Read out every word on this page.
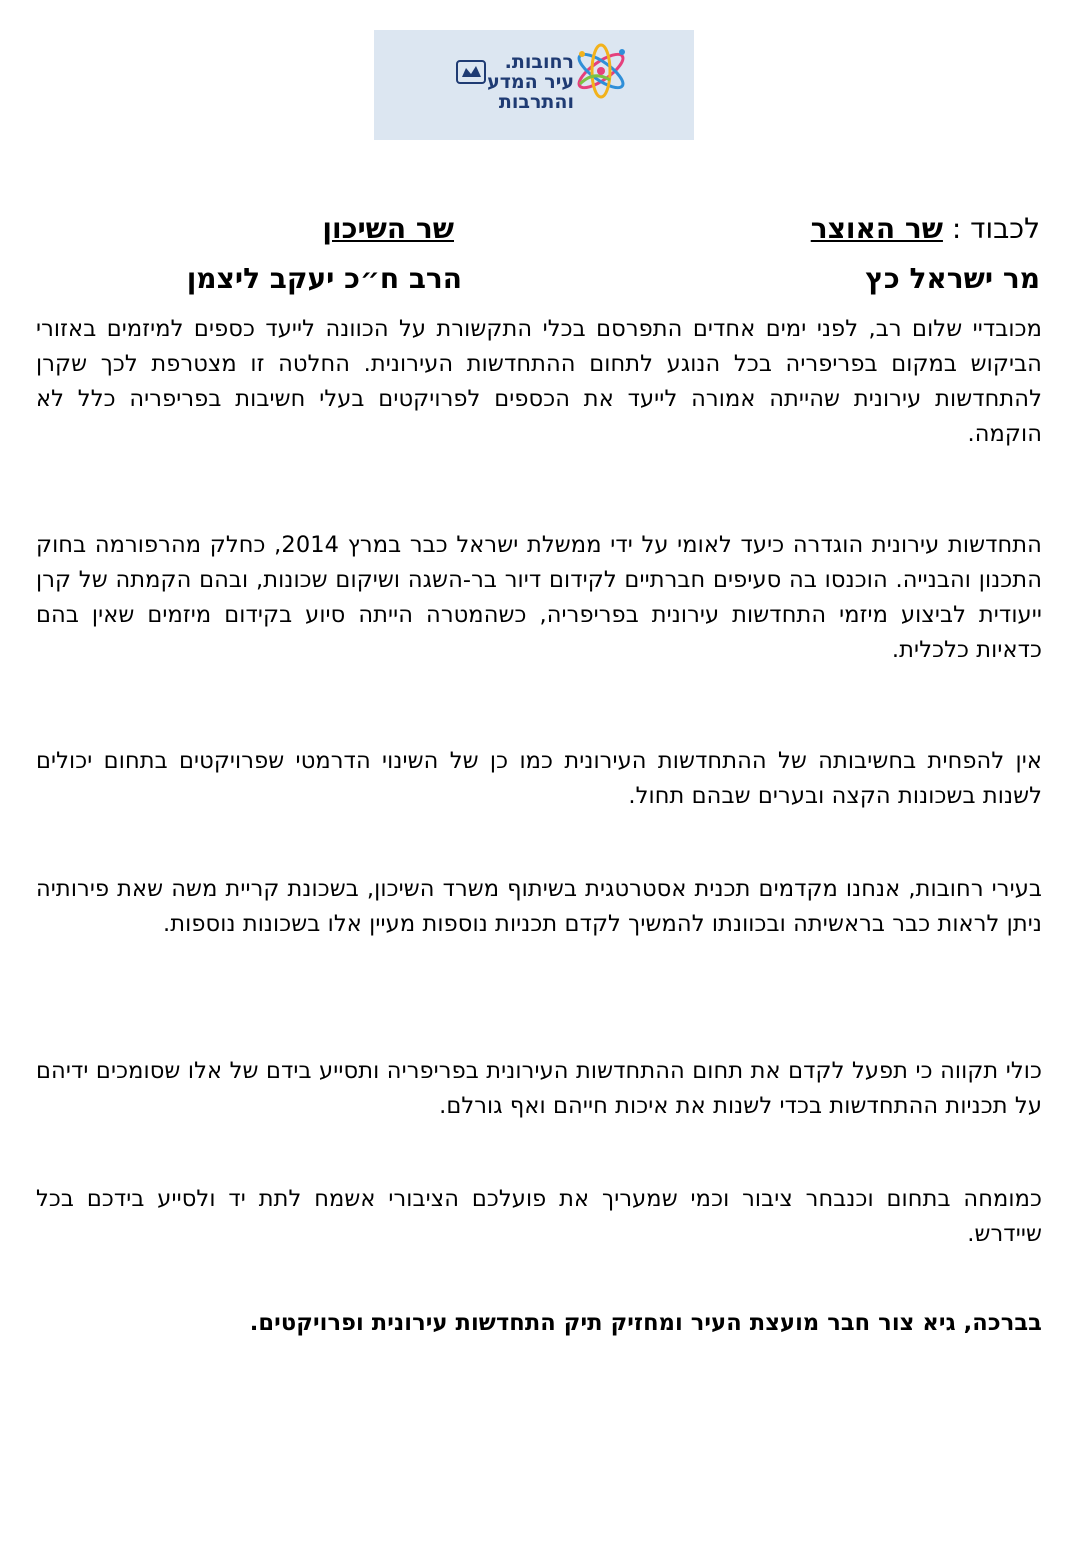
רחובות.
עיר המדע
והתרבות
לכבוד : שר האוצר
שר השיכון
מר ישראל כץ
הרב ח״כ יעקב ליצמן

מכובדיי שלום רב, לפני ימים אחדים התפרסם בכלי התקשורת על הכוונה לייעד כספים למיזמים באזורי הביקוש במקום בפריפריה בכל הנוגע לתחום ההתחדשות העירונית. החלטה זו מצטרפת לכך שקרן להתחדשות עירונית שהייתה אמורה לייעד את הכספים לפרויקטים בעלי חשיבות בפריפריה כלל לא הוקמה.

התחדשות עירונית הוגדרה כיעד לאומי על ידי ממשלת ישראל כבר במרץ 2014, כחלק מהרפורמה בחוק התכנון והבנייה. הוכנסו בה סעיפים חברתיים לקידום דיור בר-השגה ושיקום שכונות, ובהם הקמתה של קרן ייעודית לביצוע מיזמי התחדשות עירונית בפריפריה, כשהמטרה הייתה סיוע בקידום מיזמים שאין בהם כדאיות כלכלית.

אין להפחית בחשיבותה של ההתחדשות העירונית כמו כן של השינוי הדרמטי שפרויקטים בתחום יכולים לשנות בשכונות הקצה ובערים שבהם תחול.

בעירי רחובות, אנחנו מקדמים תכנית אסטרטגית בשיתוף משרד השיכון, בשכונת קריית משה שאת פירותיה ניתן לראות כבר בראשיתה ובכוונתו להמשיך לקדם תכניות נוספות מעיין אלו בשכונות נוספות.

כולי תקווה כי תפעל לקדם את תחום ההתחדשות העירונית בפריפריה ותסייע בידם של אלו שסומכים ידיהם על תכניות ההתחדשות בכדי לשנות את איכות חייהם ואף גורלם.

כמומחה בתחום וכנבחר ציבור וכמי שמעריך את פועלכם הציבורי אשמח לתת יד ולסייע בידכם בכל שיידרש.

בברכה, גיא צור חבר מועצת העיר ומחזיק תיק התחדשות עירונית ופרויקטים.
